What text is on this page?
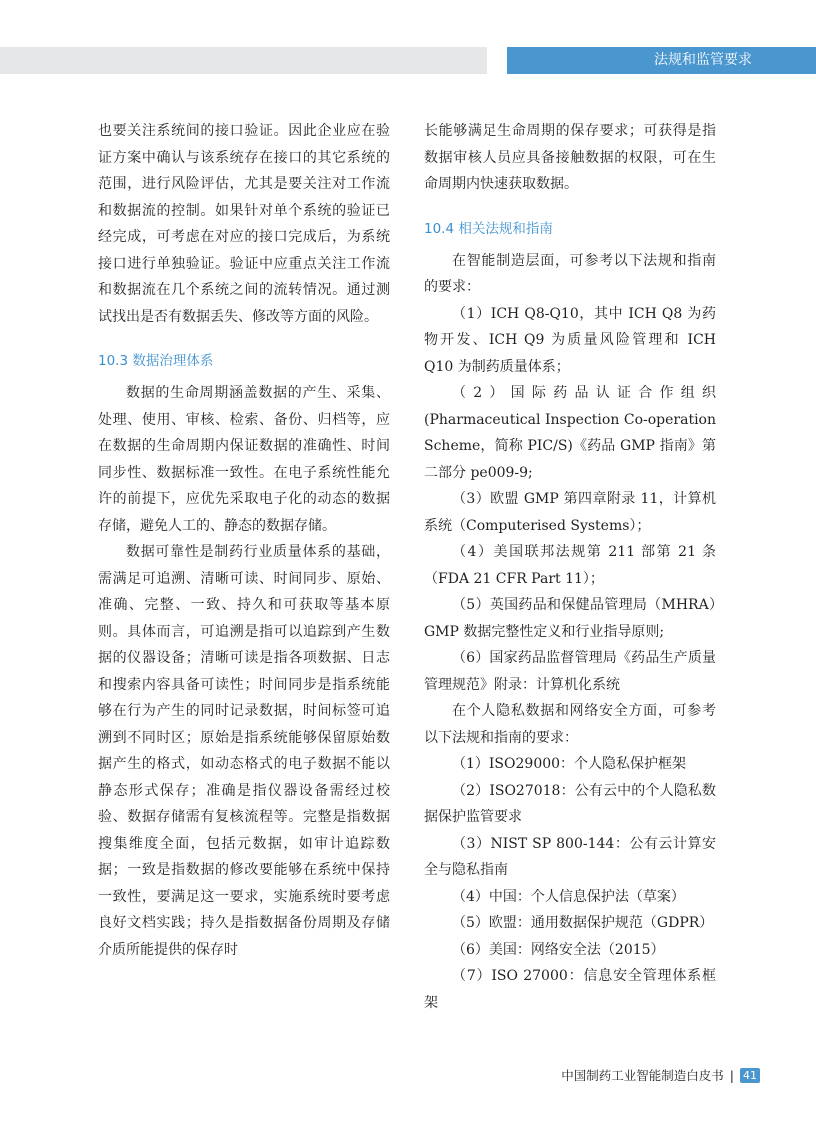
法规和监管要求

也要关注系统间的接口验证。因此企业应在验证方案中确认与该系统存在接口的其它系统的范围，进行风险评估，尤其是要关注对工作流和数据流的控制。如果针对单个系统的验证已经完成，可考虑在对应的接口完成后，为系统接口进行单独验证。验证中应重点关注工作流和数据流在几个系统之间的流转情况。通过测试找出是否有数据丢失、修改等方面的风险。

10.3 数据治理体系

数据的生命周期涵盖数据的产生、采集、处理、使用、审核、检索、备份、归档等，应在数据的生命周期内保证数据的准确性、时间同步性、数据标准一致性。在电子系统性能允许的前提下，应优先采取电子化的动态的数据存储，避免人工的、静态的数据存储。

数据可靠性是制药行业质量体系的基础，需满足可追溯、清晰可读、时间同步、原始、准确、完整、一致、持久和可获取等基本原则。具体而言，可追溯是指可以追踪到产生数据的仪器设备；清晰可读是指各项数据、日志和搜索内容具备可读性；时间同步是指系统能够在行为产生的同时记录数据，时间标签可追溯到不同时区；原始是指系统能够保留原始数据产生的格式，如动态格式的电子数据不能以静态形式保存；准确是指仪器设备需经过校验、数据存储需有复核流程等。完整是指数据搜集维度全面，包括元数据，如审计追踪数据；一致是指数据的修改要能够在系统中保持一致性，要满足这一要求，实施系统时要考虑良好文档实践；持久是指数据备份周期及存储介质所能提供的保存时

长能够满足生命周期的保存要求；可获得是指数据审核人员应具备接触数据的权限，可在生命周期内快速获取数据。

10.4 相关法规和指南

在智能制造层面，可参考以下法规和指南的要求：

（1）ICH Q8-Q10，其中 ICH Q8 为药物开发、ICH Q9 为质量风险管理和 ICH Q10 为制药质量体系；

（2）国际药品认证合作组织(Pharmaceutical Inspection Co-operation Scheme，简称 PIC/S)《药品 GMP 指南》第二部分 pe009-9;

（3）欧盟 GMP 第四章附录 11，计算机系统（Computerised Systems）；

（4）美国联邦法规第 211 部第 21 条（FDA 21 CFR Part 11）；

（5）英国药品和保健品管理局（MHRA）GMP 数据完整性定义和行业指导原则;

（6）国家药品监督管理局《药品生产质量管理规范》附录：计算机化系统

在个人隐私数据和网络安全方面，可参考以下法规和指南的要求：

（1）ISO29000：个人隐私保护框架

（2）ISO27018：公有云中的个人隐私数据保护监管要求

（3）NIST SP 800-144：公有云计算安全与隐私指南

（4）中国：个人信息保护法（草案）

（5）欧盟：通用数据保护规范（GDPR）

（6）美国：网络安全法（2015）

（7）ISO 27000：信息安全管理体系框架

中国制药工业智能制造白皮书 | 41
